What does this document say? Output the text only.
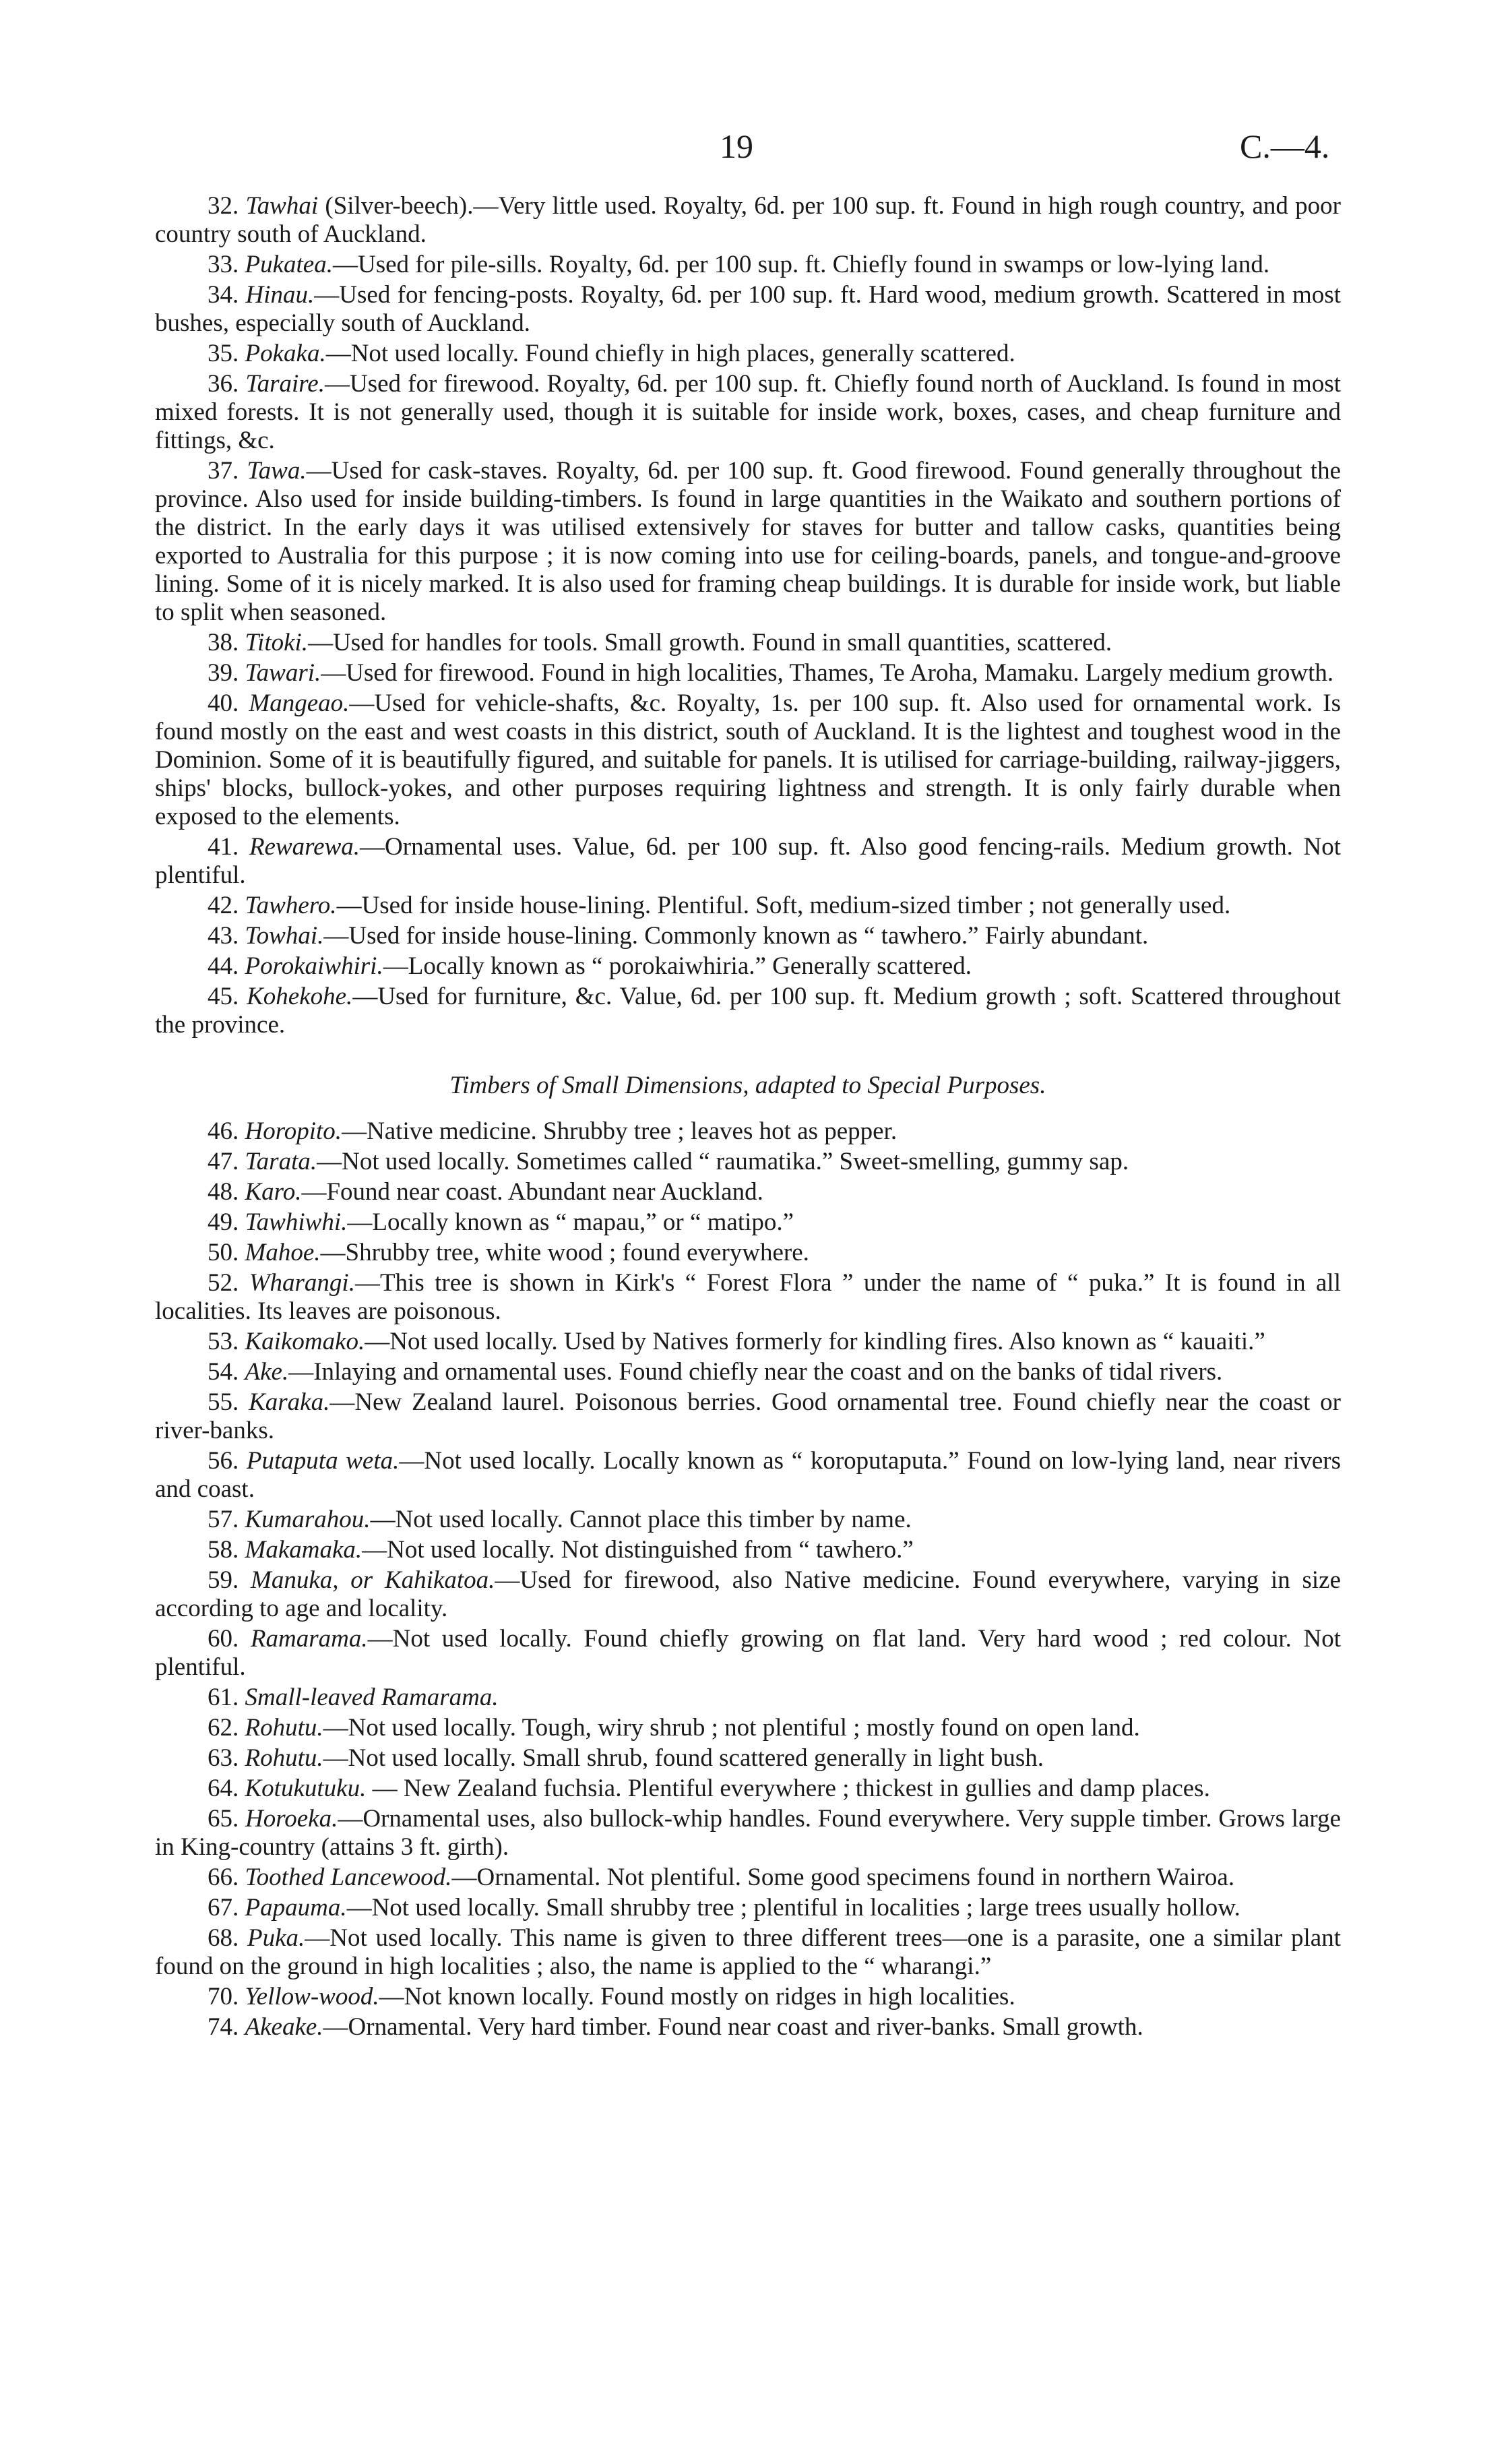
19	C.—4.

32. Tawhai (Silver-beech).—Very little used. Royalty, 6d. per 100 sup. ft. Found in high rough country, and poor country south of Auckland.

33. Pukatea.—Used for pile-sills. Royalty, 6d. per 100 sup. ft. Chiefly found in swamps or low-lying land.

34. Hinau.—Used for fencing-posts. Royalty, 6d. per 100 sup. ft. Hard wood, medium growth. Scattered in most bushes, especially south of Auckland.

35. Pokaka.—Not used locally. Found chiefly in high places, generally scattered.

36. Taraire.—Used for firewood. Royalty, 6d. per 100 sup. ft. Chiefly found north of Auckland. Is found in most mixed forests. It is not generally used, though it is suitable for inside work, boxes, cases, and cheap furniture and fittings, &c.

37. Tawa.—Used for cask-staves. Royalty, 6d. per 100 sup. ft. Good firewood. Found generally throughout the province. Also used for inside building-timbers. Is found in large quantities in the Waikato and southern portions of the district. In the early days it was utilised extensively for staves for butter and tallow casks, quantities being exported to Australia for this purpose ; it is now coming into use for ceiling-boards, panels, and tongue-and-groove lining. Some of it is nicely marked. It is also used for framing cheap buildings. It is durable for inside work, but liable to split when seasoned.

38. Titoki.—Used for handles for tools. Small growth. Found in small quantities, scattered.

39. Tawari.—Used for firewood. Found in high localities, Thames, Te Aroha, Mamaku. Largely medium growth.

40. Mangeao.—Used for vehicle-shafts, &c. Royalty, 1s. per 100 sup. ft. Also used for ornamental work. Is found mostly on the east and west coasts in this district, south of Auckland. It is the lightest and toughest wood in the Dominion. Some of it is beautifully figured, and suitable for panels. It is utilised for carriage-building, railway-jiggers, ships' blocks, bullock-yokes, and other purposes requiring lightness and strength. It is only fairly durable when exposed to the elements.

41. Rewarewa.—Ornamental uses. Value, 6d. per 100 sup. ft. Also good fencing-rails. Medium growth. Not plentiful.

42. Tawhero.—Used for inside house-lining. Plentiful. Soft, medium-sized timber ; not generally used.

43. Towhai.—Used for inside house-lining. Commonly known as “ tawhero.” Fairly abundant.

44. Porokaiwhiri.—Locally known as “ porokaiwhiria.” Generally scattered.

45. Kohekohe.—Used for furniture, &c. Value, 6d. per 100 sup. ft. Medium growth ; soft. Scattered throughout the province.

Timbers of Small Dimensions, adapted to Special Purposes.

46. Horopito.—Native medicine. Shrubby tree ; leaves hot as pepper.

47. Tarata.—Not used locally. Sometimes called “ raumatika.” Sweet-smelling, gummy sap.

48. Karo.—Found near coast. Abundant near Auckland.

49. Tawhiwhi.—Locally known as “ mapau,” or “ matipo.”

50. Mahoe.—Shrubby tree, white wood ; found everywhere.

52. Wharangi.—This tree is shown in Kirk's “ Forest Flora ” under the name of “ puka.” It is found in all localities. Its leaves are poisonous.

53. Kaikomako.—Not used locally. Used by Natives formerly for kindling fires. Also known as “ kauaiti.”

54. Ake.—Inlaying and ornamental uses. Found chiefly near the coast and on the banks of tidal rivers.

55. Karaka.—New Zealand laurel. Poisonous berries. Good ornamental tree. Found chiefly near the coast or river-banks.

56. Putaputa weta.—Not used locally. Locally known as “ koroputaputa.” Found on low-lying land, near rivers and coast.

57. Kumarahou.—Not used locally. Cannot place this timber by name.

58. Makamaka.—Not used locally. Not distinguished from “ tawhero.”

59. Manuka, or Kahikatoa.—Used for firewood, also Native medicine. Found everywhere, varying in size according to age and locality.

60. Ramarama.—Not used locally. Found chiefly growing on flat land. Very hard wood ; red colour. Not plentiful.

61. Small-leaved Ramarama.

62. Rohutu.—Not used locally. Tough, wiry shrub ; not plentiful ; mostly found on open land.

63. Rohutu.—Not used locally. Small shrub, found scattered generally in light bush.

64. Kotukutuku. — New Zealand fuchsia. Plentiful everywhere ; thickest in gullies and damp places.

65. Horoeka.—Ornamental uses, also bullock-whip handles. Found everywhere. Very supple timber. Grows large in King-country (attains 3 ft. girth).

66. Toothed Lancewood.—Ornamental. Not plentiful. Some good specimens found in northern Wairoa.

67. Papauma.—Not used locally. Small shrubby tree ; plentiful in localities ; large trees usually hollow.

68. Puka.—Not used locally. This name is given to three different trees—one is a parasite, one a similar plant found on the ground in high localities ; also, the name is applied to the “ wharangi.”

70. Yellow-wood.—Not known locally. Found mostly on ridges in high localities.

74. Akeake.—Ornamental. Very hard timber. Found near coast and river-banks. Small growth.
